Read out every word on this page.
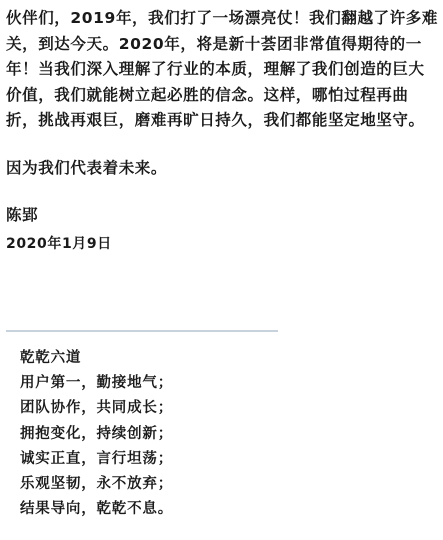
伙伴们，2019年，我们打了一场漂亮仗！我们翻越了许多难关，到达今天。2020年，将是新十荟团非常值得期待的一年！当我们深入理解了行业的本质，理解了我们创造的巨大价值，我们就能树立起必胜的信念。这样，哪怕过程再曲折，挑战再艰巨，磨难再旷日持久，我们都能坚定地坚守。

因为我们代表着未来。

陈郢

2020年1月9日

乾乾六道

用户第一，勤接地气；
团队协作，共同成长；
拥抱变化，持续创新；
诚实正直，言行坦荡；
乐观坚韧，永不放弃；
结果导向，乾乾不息。
